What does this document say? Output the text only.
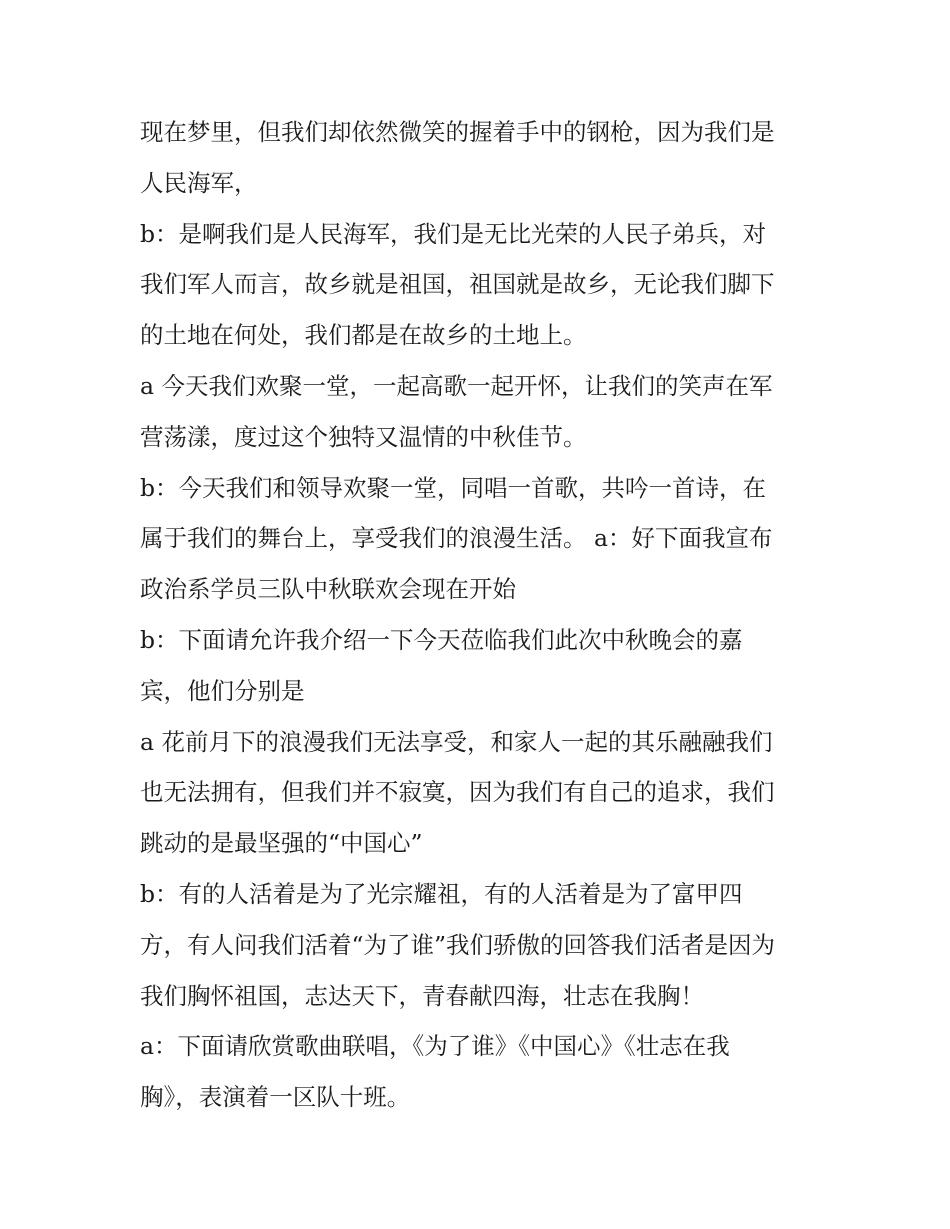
现在梦里，但我们却依然微笑的握着手中的钢枪，因为我们是

人民海军，

b：是啊我们是人民海军，我们是无比光荣的人民子弟兵，对

我们军人而言，故乡就是祖国，祖国就是故乡，无论我们脚下

的土地在何处，我们都是在故乡的土地上。

a 今天我们欢聚一堂，一起高歌一起开怀，让我们的笑声在军

营荡漾，度过这个独特又温情的中秋佳节。

b：今天我们和领导欢聚一堂，同唱一首歌，共吟一首诗，在

属于我们的舞台上，享受我们的浪漫生活。 a：好下面我宣布

政治系学员三队中秋联欢会现在开始

b：下面请允许我介绍一下今天莅临我们此次中秋晚会的嘉

宾，他们分别是

a 花前月下的浪漫我们无法享受，和家人一起的其乐融融我们

也无法拥有，但我们并不寂寞，因为我们有自己的追求，我们

跳动的是最坚强的“中国心”

b：有的人活着是为了光宗耀祖，有的人活着是为了富甲四

方，有人问我们活着“为了谁”我们骄傲的回答我们活者是因为

我们胸怀祖国，志达天下，青春献四海，壮志在我胸！

a：下面请欣赏歌曲联唱，《为了谁》《中国心》《壮志在我

胸》，表演着一区队十班。
